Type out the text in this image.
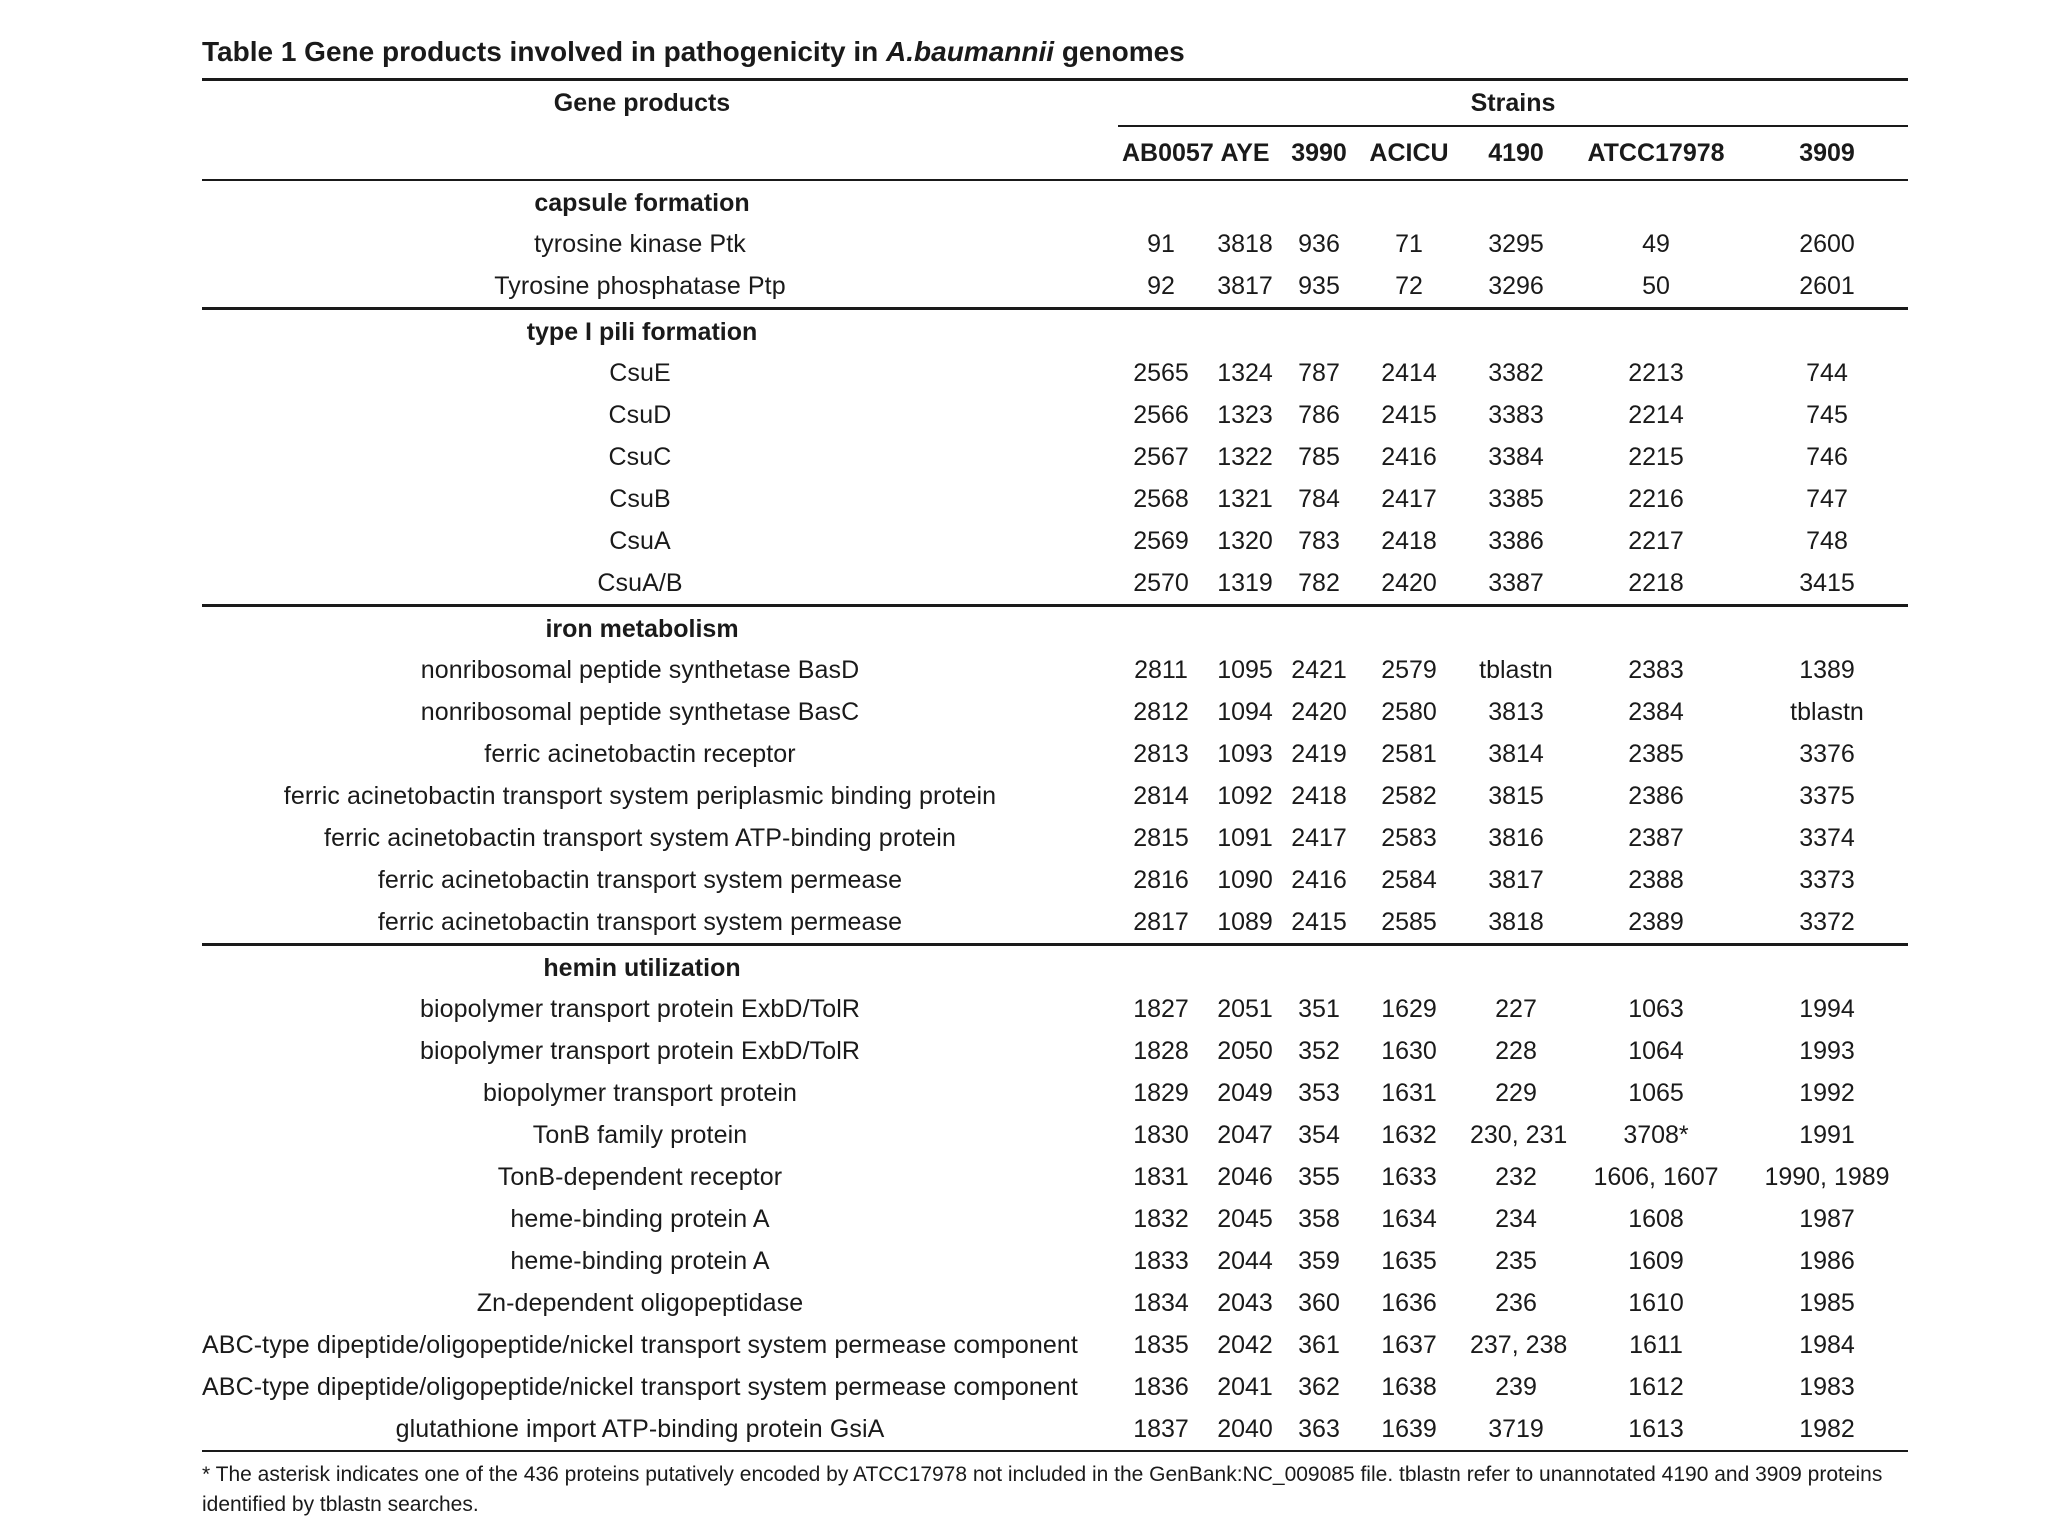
Table 1 Gene products involved in pathogenicity in A.baumannii genomes
Gene products	Strains						
	AB0057	AYE	3990	ACICU	4190	ATCC17978	3909
capsule formation							
tyrosine kinase Ptk	91	3818	936	71	3295	49	2600
Tyrosine phosphatase Ptp	92	3817	935	72	3296	50	2601
type I pili formation							
CsuE	2565	1324	787	2414	3382	2213	744
CsuD	2566	1323	786	2415	3383	2214	745
CsuC	2567	1322	785	2416	3384	2215	746
CsuB	2568	1321	784	2417	3385	2216	747
CsuA	2569	1320	783	2418	3386	2217	748
CsuA/B	2570	1319	782	2420	3387	2218	3415
iron metabolism							
nonribosomal peptide synthetase BasD	2811	1095	2421	2579	tblastn	2383	1389
nonribosomal peptide synthetase BasC	2812	1094	2420	2580	3813	2384	tblastn
ferric acinetobactin receptor	2813	1093	2419	2581	3814	2385	3376
ferric acinetobactin transport system periplasmic binding protein	2814	1092	2418	2582	3815	2386	3375
ferric acinetobactin transport system ATP-binding protein	2815	1091	2417	2583	3816	2387	3374
ferric acinetobactin transport system permease	2816	1090	2416	2584	3817	2388	3373
ferric acinetobactin transport system permease	2817	1089	2415	2585	3818	2389	3372
hemin utilization							
biopolymer transport protein ExbD/TolR	1827	2051	351	1629	227	1063	1994
biopolymer transport protein ExbD/TolR	1828	2050	352	1630	228	1064	1993
biopolymer transport protein	1829	2049	353	1631	229	1065	1992
TonB family protein	1830	2047	354	1632	230, 231	3708*	1991
TonB-dependent receptor	1831	2046	355	1633	232	1606, 1607	1990, 1989
heme-binding protein A	1832	2045	358	1634	234	1608	1987
heme-binding protein A	1833	2044	359	1635	235	1609	1986
Zn-dependent oligopeptidase	1834	2043	360	1636	236	1610	1985
ABC-type dipeptide/oligopeptide/nickel transport system permease component	1835	2042	361	1637	237, 238	1611	1984
ABC-type dipeptide/oligopeptide/nickel transport system permease component	1836	2041	362	1638	239	1612	1983
glutathione import ATP-binding protein GsiA	1837	2040	363	1639	3719	1613	1982
* The asterisk indicates one of the 436 proteins putatively encoded by ATCC17978 not included in the GenBank:NC_009085 file. tblastn refer to unannotated 4190 and 3909 proteins identified by tblastn searches.
